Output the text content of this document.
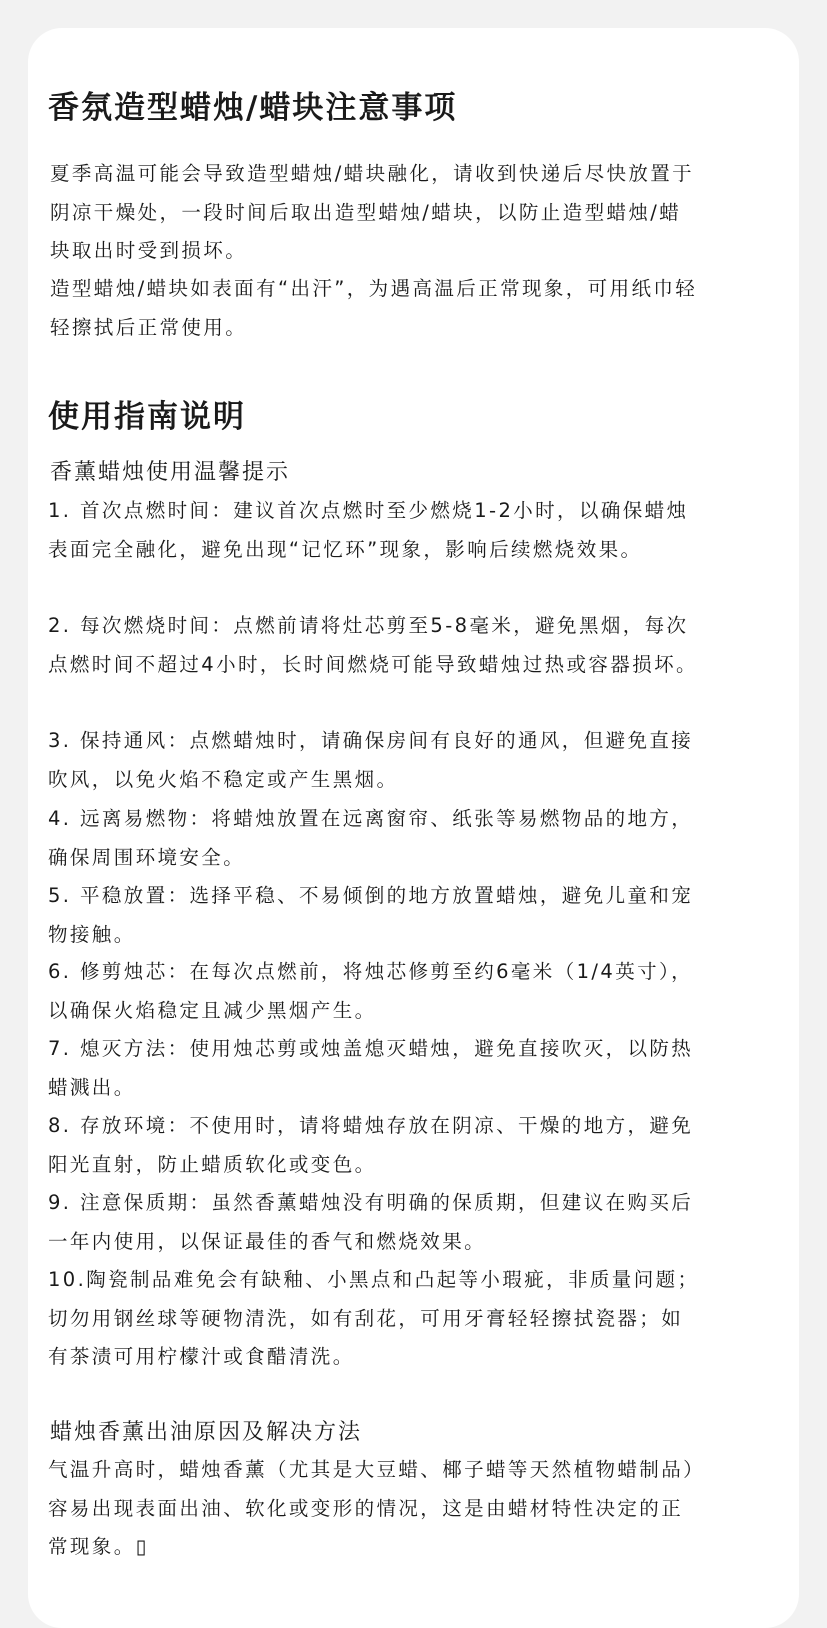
香氛造型蜡烛/蜡块注意事项

夏季高温可能会导致造型蜡烛/蜡块融化，请收到快递后尽快放置于阴凉干燥处，一段时间后取出造型蜡烛/蜡块，以防止造型蜡烛/蜡块取出时受到损坏。

造型蜡烛/蜡块如表面有“出汗”，为遇高温后正常现象，可用纸巾轻轻擦拭后正常使用。

使用指南说明
香薰蜡烛使用温馨提示

1. 首次点燃时间：建议首次点燃时至少燃烧1-2小时，以确保蜡烛表面完全融化，避免出现“记忆环”现象，影响后续燃烧效果。

2. 每次燃烧时间：点燃前请将灶芯剪至5-8毫米，避免黑烟，每次点燃时间不超过4小时，长时间燃烧可能导致蜡烛过热或容器损坏。

3. 保持通风：点燃蜡烛时，请确保房间有良好的通风，但避免直接吹风，以免火焰不稳定或产生黑烟。

4. 远离易燃物：将蜡烛放置在远离窗帘、纸张等易燃物品的地方，确保周围环境安全。

5. 平稳放置：选择平稳、不易倾倒的地方放置蜡烛，避免儿童和宠物接触。

6. 修剪烛芯：在每次点燃前，将烛芯修剪至约6毫米（1/4英寸），以确保火焰稳定且减少黑烟产生。

7. 熄灭方法：使用烛芯剪或烛盖熄灭蜡烛，避免直接吹灭，以防热蜡溅出。

8. 存放环境：不使用时，请将蜡烛存放在阴凉、干燥的地方，避免阳光直射，防止蜡质软化或变色。

9. 注意保质期：虽然香薰蜡烛没有明确的保质期，但建议在购买后一年内使用，以保证最佳的香气和燃烧效果。

10.陶瓷制品难免会有缺釉、小黑点和凸起等小瑕疵，非质量问题；切勿用钢丝球等硬物清洗，如有刮花，可用牙膏轻轻擦拭瓷器；如有茶渍可用柠檬汁或食醋清洗。

蜡烛香薰出油原因及解决方法

气温升高时，蜡烛香薰（尤其是大豆蜡、椰子蜡等天然植物蜡制品）容易出现表面出油、软化或变形的情况，这是由蜡材特性决定的正常现象。▯
